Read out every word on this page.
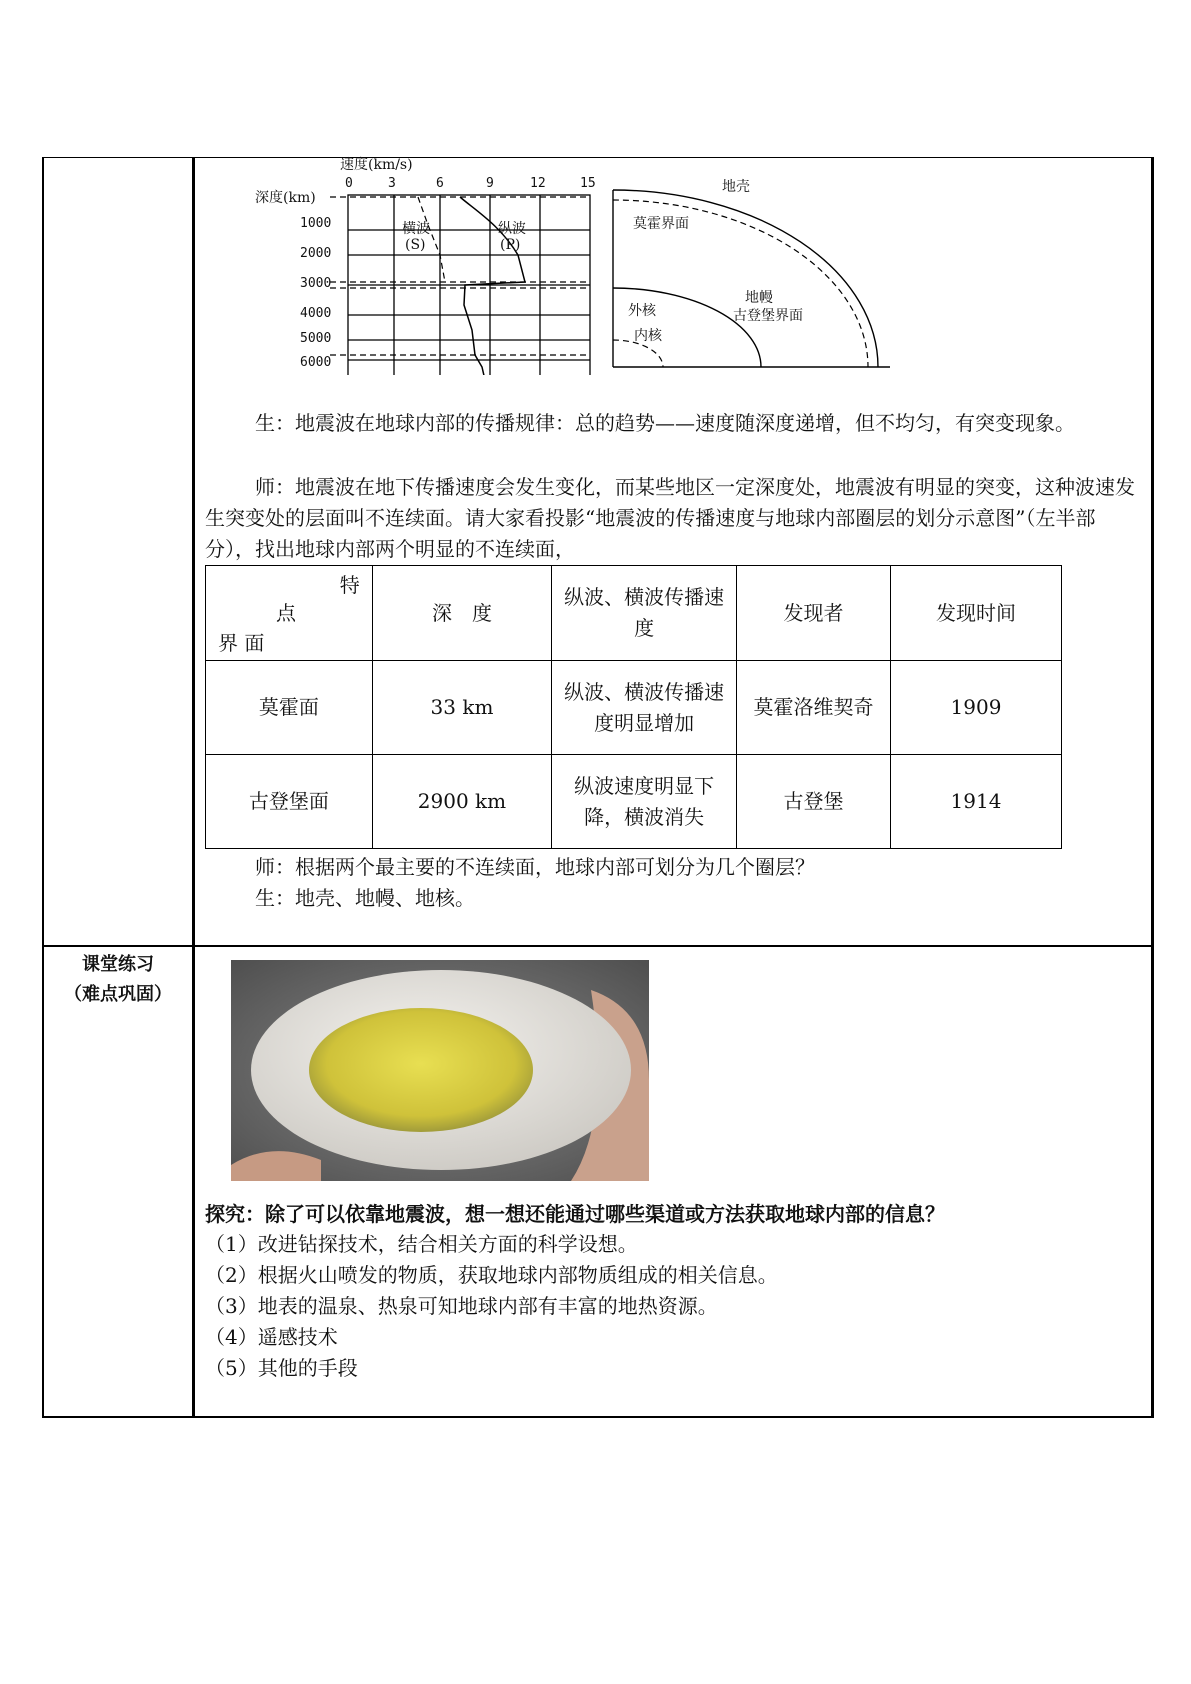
速度(km/s)
0	3	6	9	12	15
深度(km)
1000
2000
3000
4000
5000
6000
横波
(S)
纵波
(P)
地壳
莫霍界面
地幔
古登堡界面
外核
内核
生：地震波在地球内部的传播规律：总的趋势——速度随深度递增，但不均匀，有突变现象。
师：地震波在地下传播速度会发生变化，而某些地区一定深度处，地震波有明显的突变，这种波速发生突变处的层面叫不连续面。请大家看投影“地震波的传播速度与地球内部圈层的划分示意图”（左半部分），找出地球内部两个明显的不连续面，
特
点
界 面	深　度	纵波、横波传播速度	发现者	发现时间
莫霍面	33 km	纵波、横波传播速度明显增加	莫霍洛维契奇	1909
古登堡面	2900 km	纵波速度明显下降，横波消失	古登堡	1914
师：根据两个最主要的不连续面，地球内部可划分为几个圈层？
生：地壳、地幔、地核。
课堂练习
（难点巩固）
探究：除了可以依靠地震波，想一想还能通过哪些渠道或方法获取地球内部的信息？
（1）改进钻探技术，结合相关方面的科学设想。
（2）根据火山喷发的物质，获取地球内部物质组成的相关信息。
（3）地表的温泉、热泉可知地球内部有丰富的地热资源。
（4）遥感技术
（5）其他的手段
